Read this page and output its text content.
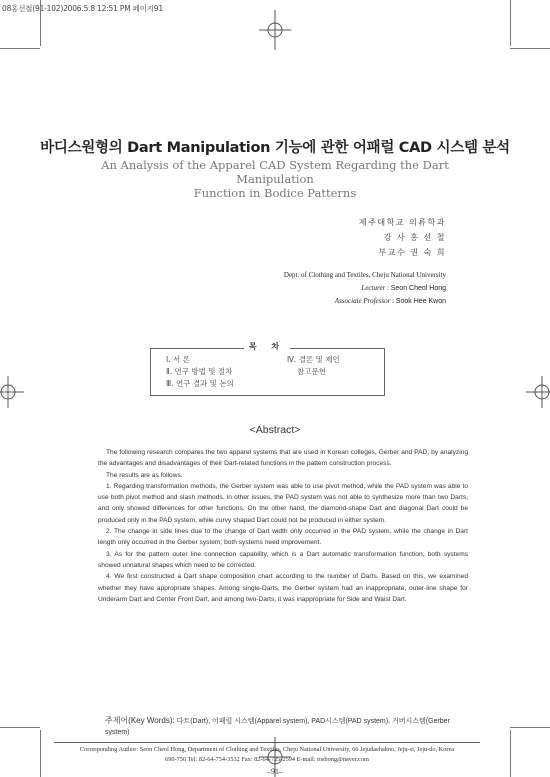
08홍선철(91-102)2006.5.8 12:51 PM 페이지91
바디스원형의 Dart Manipulation 기능에 관한 어패럴 CAD 시스템 분석
An Analysis of the Apparel CAD System Regarding the Dart Manipulation
Function in Bodice Patterns
제주대학교 의류학과
강 사 홍 선 철
부교수 권 숙 희
Dept. of Clothing and Textiles, Cheju National University
Lecturer : Seon Cheol Hong
Associate Professor : Sook Hee Kwon
목 차
Ⅰ. 서 론
Ⅱ. 연구 방법 및 절차
Ⅲ. 연구 결과 및 논의
Ⅳ. 결론 및 제언
참고문헌
<Abstract>

The following research compares the two apparel systems that are used in Korean colleges, Gerber and PAD, by analyzing the advantages and disadvantages of their Dart-related functions in the pattern construction process.

The results are as follows.

1. Regarding transformation methods, the Gerber system was able to use pivot method, while the PAD system was able to use both pivot method and slash methods. in other issues, the PAD system was not able to synthesize more than two Darts, and only showed differences for other functions. On the other hand, the diamond-shape Dart and diagonal Dart could be produced only in the PAD system, while curvy shaped Dart could not be produced in either system.

2. The change in side lines due to the change of Dart width only occurred in the PAD system, while the change in Dart length only occurred in the Gerber system; both systems need improvement.

3. As for the pattern outer line connection capability, which is a Dart automatic transformation function, both systems showed unnatural shapes which need to be corrected.

4. We first constructed a Dart shape composition chart according to the number of Darts. Based on this, we examined whether they have appropriate shapes. Among single-Darts, the Gerber system had an inappropriate, outer-line shape for Underarm Dart and Center Front Dart, and among two-Darts, it was inappropriate for Side and Waist Dart.

주제어(Key Words): 다트(Dart), 어패럴 시스템(Apparel system), PAD시스템(PAD system), 거버시스템(Gerber system)
Corresponding Author: Seon Cheol Hong, Department of Clothing and Textiles, Cheju National University, 66 Jejudaehakno, Jeju-si, Jeju-do, Korea
690-756 Tel: 82-64-754-3532 Fax: 82-64-725-2594 E-mail: tosbong@naver.com
–91–
